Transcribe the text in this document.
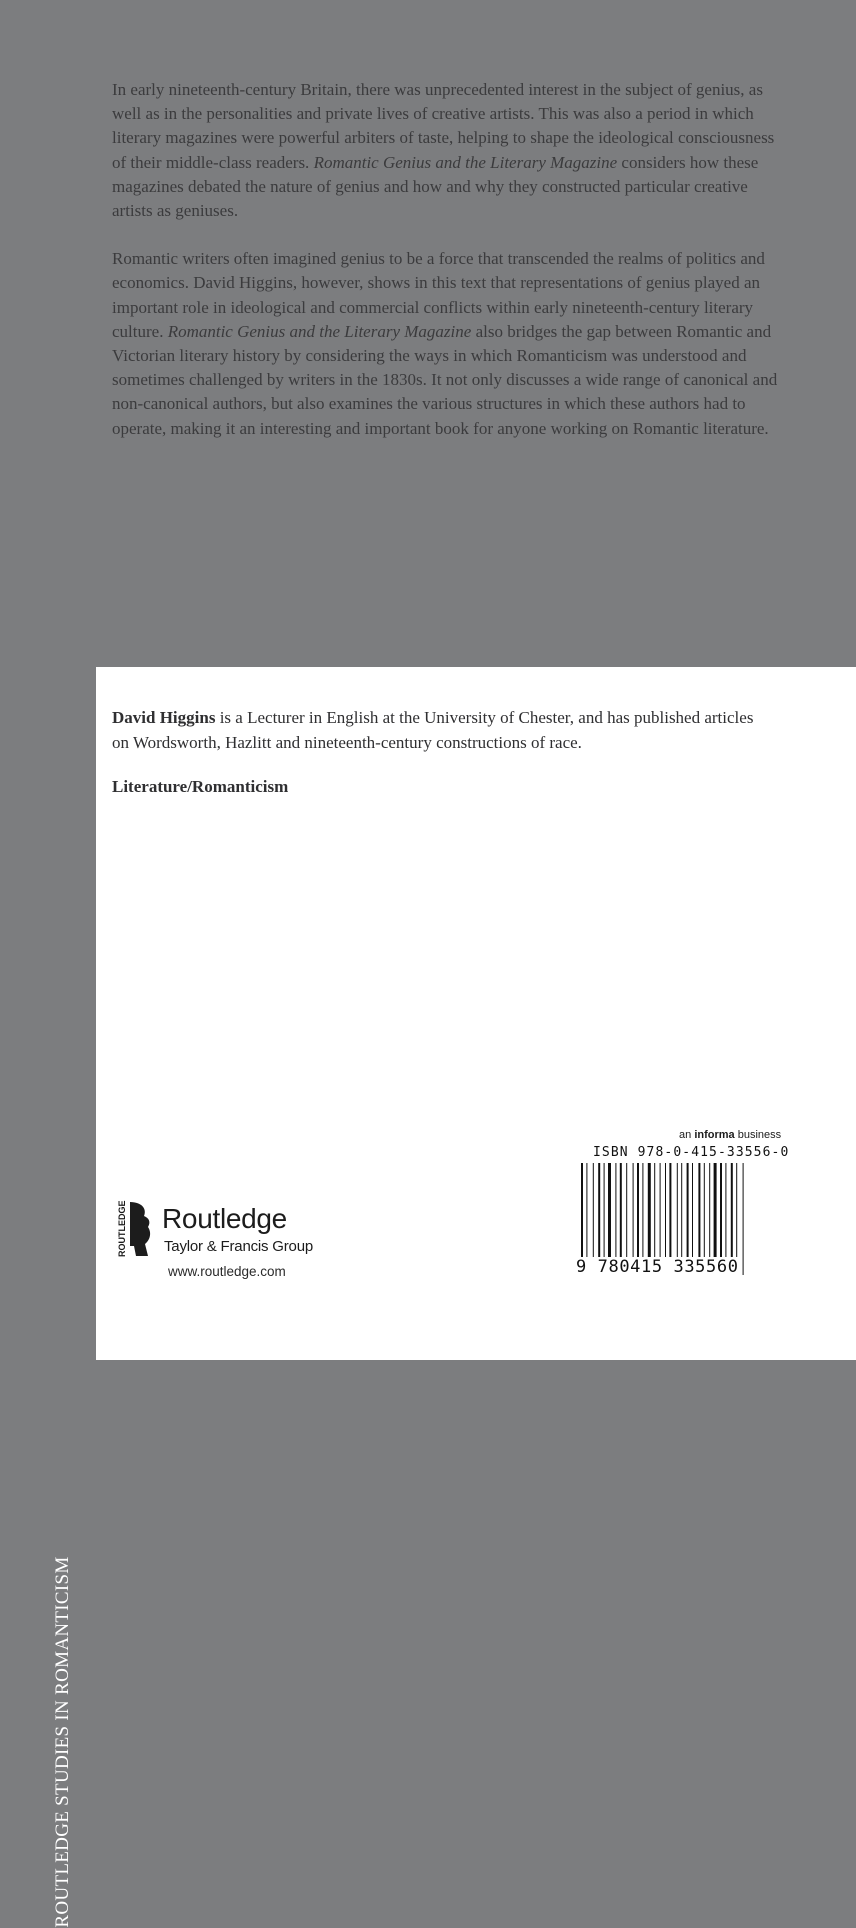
In early nineteenth-century Britain, there was unprecedented interest in the subject of genius, as well as in the personalities and private lives of creative artists. This was also a period in which literary magazines were powerful arbiters of taste, helping to shape the ideological consciousness of their middle-class readers. Romantic Genius and the Literary Magazine considers how these magazines debated the nature of genius and how and why they constructed particular creative artists as geniuses.

Romantic writers often imagined genius to be a force that transcended the realms of politics and economics. David Higgins, however, shows in this text that representations of genius played an important role in ideological and commercial conflicts within early nineteenth-century literary culture. Romantic Genius and the Literary Magazine also bridges the gap between Romantic and Victorian literary history by considering the ways in which Romanticism was understood and sometimes challenged by writers in the 1830s. It not only discusses a wide range of canonical and non-canonical authors, but also examines the various structures in which these authors had to operate, making it an interesting and important book for anyone working on Romantic literature.

ROUTLEDGE STUDIES IN ROMANTICISM
David Higgins is a Lecturer in English at the University of Chester, and has published articles on Wordsworth, Hazlitt and nineteenth-century constructions of race.
Literature/Romanticism
ROUTLEDGE Routledge
Taylor & Francis Group
www.routledge.com
an informa business
ISBN 978-0-415-33556-0
9 780415 335560
